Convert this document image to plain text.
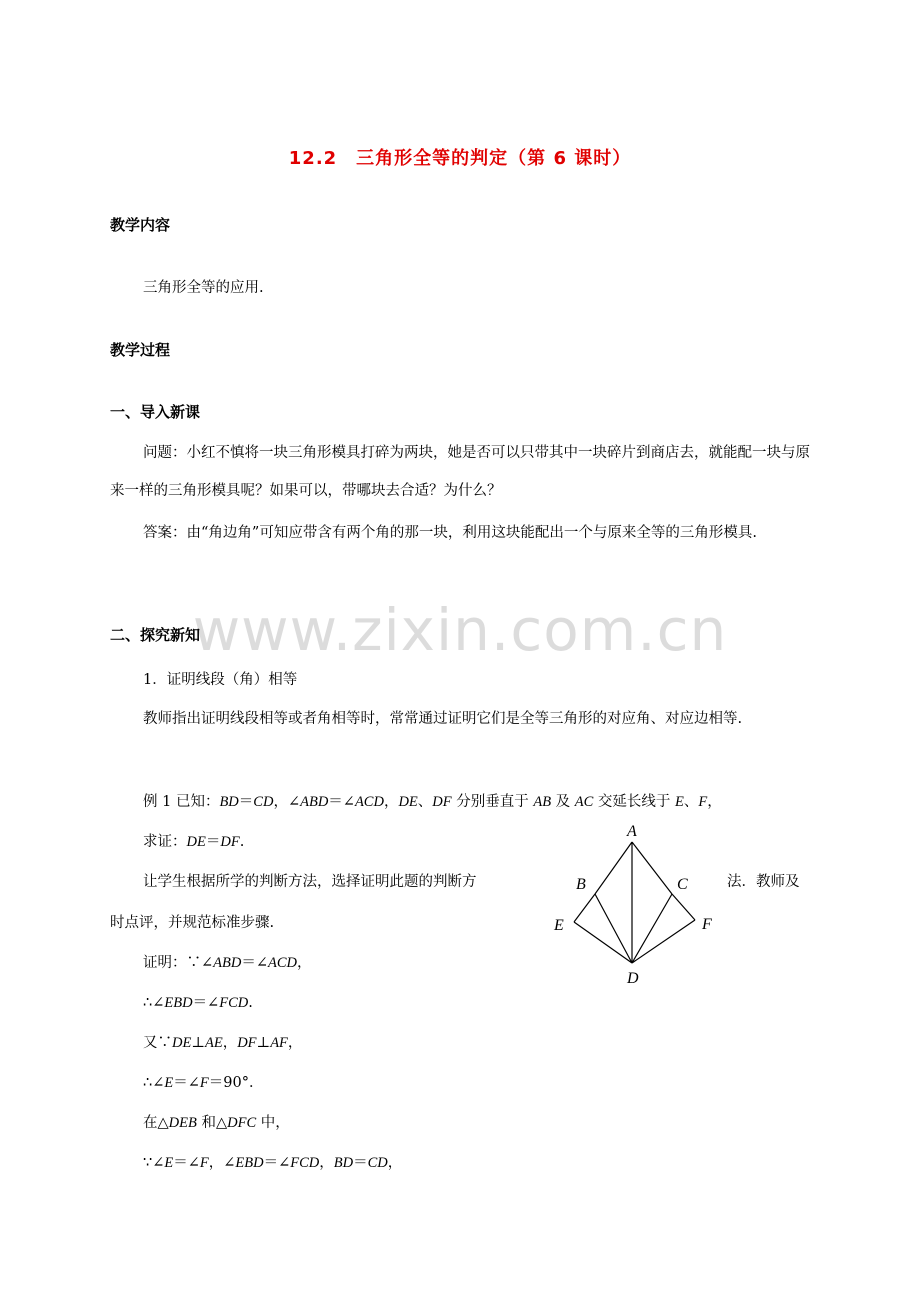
www.zixin.com.cn
12.2　三角形全等的判定（第 6 课时）
教学内容
三角形全等的应用.
教学过程
一、导入新课
问题：小红不慎将一块三角形模具打碎为两块，她是否可以只带其中一块碎片到商店去，就能配一块与原来一样的三角形模具呢？如果可以，带哪块去合适？为什么？
答案：由“角边角”可知应带含有两个角的那一块，利用这块能配出一个与原来全等的三角形模具.
二、探究新知
1．证明线段（角）相等
教师指出证明线段相等或者角相等时，常常通过证明它们是全等三角形的对应角、对应边相等.
例 1 已知：BD＝CD，∠ABD＝∠ACD，DE、DF 分别垂直于 AB 及 AC 交延长线于 E、F，
求证：DE＝DF.
让学生根据所学的判断方法，选择证明此题的判断方	法．教师及
时点评，并规范标准步骤.
证明：∵∠ABD＝∠ACD，
∴∠EBD＝∠FCD.
又∵DE⊥AE，DF⊥AF，
∴∠E＝∠F＝90°．
在△DEB 和△DFC 中，
∵∠E＝∠F，∠EBD＝∠FCD，BD＝CD，
A
B	C
E	F
D
